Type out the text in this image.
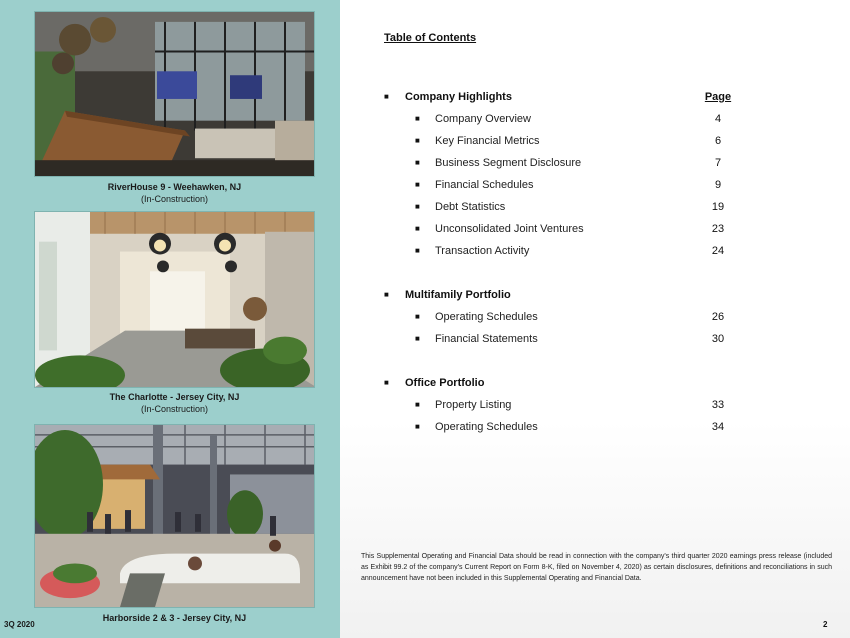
RiverHouse 9 - Weehawken, NJ
(In-Construction)
The Charlotte - Jersey City, NJ
(In-Construction)
Harborside 2 & 3 - Jersey City, NJ
3Q 2020
Table of Contents
■ Company Highlights	Page
■ Company Overview	4
■ Key Financial Metrics	6
■ Business Segment Disclosure	7
■ Financial Schedules	9
■ Debt Statistics	19
■ Unconsolidated Joint Ventures	23
■ Transaction Activity	24
■ Multifamily Portfolio
■ Operating Schedules	26
■ Financial Statements	30
■ Office Portfolio
■ Property Listing	33
■ Operating Schedules	34
This Supplemental Operating and Financial Data should be read in connection with the company's third quarter 2020 earnings press release (included as Exhibit 99.2 of the company's Current Report on Form 8-K, filed on November 4, 2020) as certain disclosures, definitions and reconciliations in such announcement have not been included in this Supplemental Operating and Financial Data.
2
